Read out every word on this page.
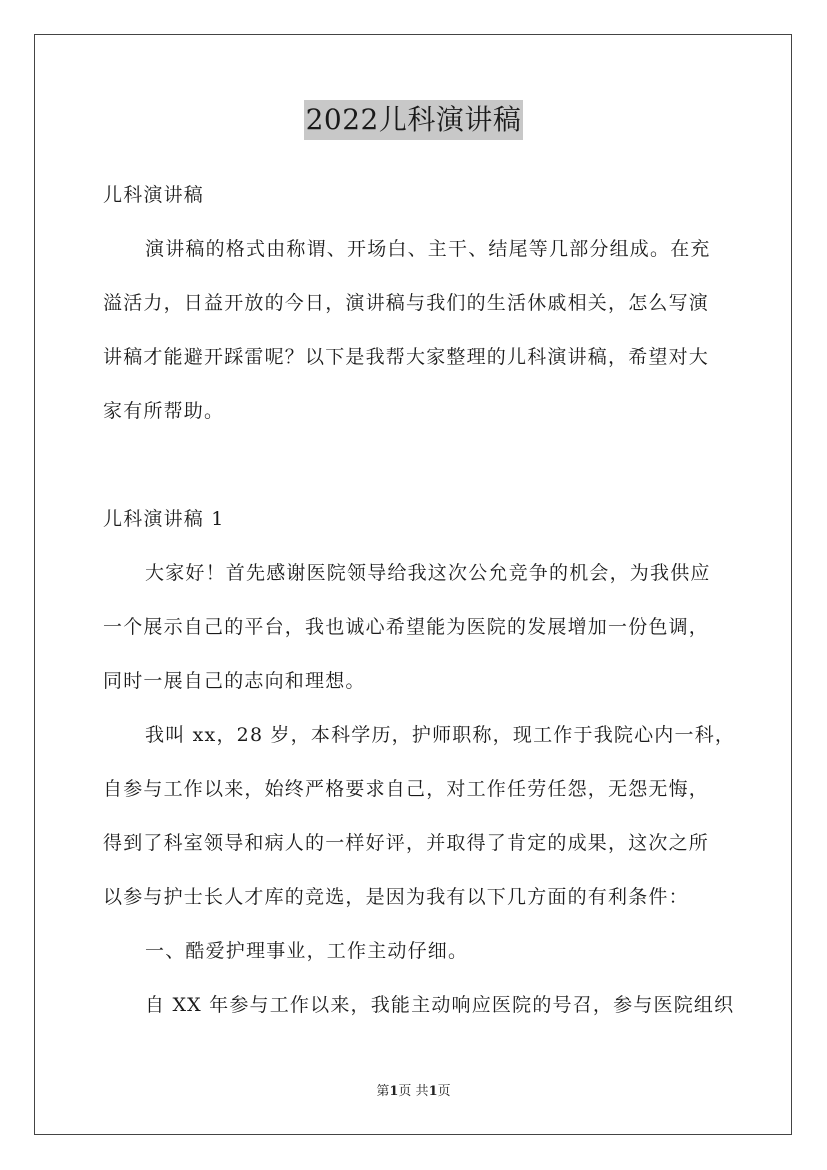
2022儿科演讲稿
儿科演讲稿
演讲稿的格式由称谓、开场白、主干、结尾等几部分组成。在充
溢活力，日益开放的今日，演讲稿与我们的生活休戚相关，怎么写演
讲稿才能避开踩雷呢？以下是我帮大家整理的儿科演讲稿，希望对大
家有所帮助。
儿科演讲稿 1
大家好！首先感谢医院领导给我这次公允竞争的机会，为我供应
一个展示自己的平台，我也诚心希望能为医院的发展增加一份色调，
同时一展自己的志向和理想。
我叫 xx，28 岁，本科学历，护师职称，现工作于我院心内一科，
自参与工作以来，始终严格要求自己，对工作任劳任怨，无怨无悔，
得到了科室领导和病人的一样好评，并取得了肯定的成果，这次之所
以参与护士长人才库的竞选，是因为我有以下几方面的有利条件：
一、酷爱护理事业，工作主动仔细。
自 XX 年参与工作以来，我能主动响应医院的号召，参与医院组织
第1页 共1页
